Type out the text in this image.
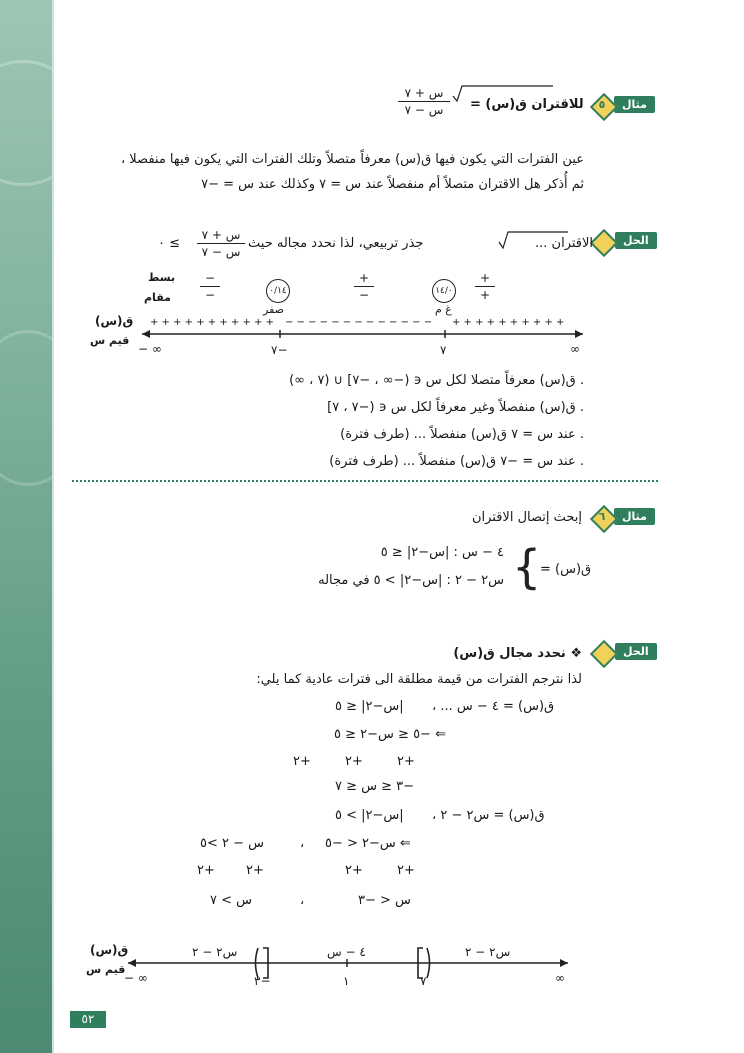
مثال
٥
للاقتران ق(س) =
س + ٧
س − ٧
عين الفترات التي يكون فيها ق(س) معرفاً متصلاً وتلك الفترات التي يكون فيها منفصلا ،
ثم أُذكر هل الاقتران متصلاً أم منفصلاً عند س = ٧ وكذلك عند س = −٧
الحل
الاقتران ...
جذر تربيعي، لذا نحدد مجاله حيث
س + ٧
س − ٧
≥ ٠
بسط
مقام
−
−	٠/١٤
صفر
+
−	١٤/٠
غ م
+
+
ق(س)
قيم س
+ + + + + + + + + + + − − − − − − − − − − − − − + + + + + + + + + +
∞ −	−٧	٧	∞
. ق(س) معرفاً متصلا لكل س ϶ (−∞ ، −٧] ∪ (٧ ، ∞)
. ق(س) منفصلاً وغير معرفاً لكل س ϶ (−٧ ، ٧]
. عند س = ٧ ق(س) منفصلاً ... (طرف فترة)
. عند س = −٧ ق(س) منفصلاً ... (طرف فترة)
مثال
٦
إبحث إتصال الاقتران
ق(س) =
{
٤ − س : |س−٢| ≤ ٥
س٢ − ٢ : |س−٢| > ٥ في مجاله
الحل
❖ نحدد مجال ق(س)
لذا نترجم الفترات من قيمة مطلقة الى فترات عادية كما يلي:
ق(س) = ٤ − س ... ،
|س−٢| ≤ ٥
⇐ −٥ ≤ س−٢ ≤ ٥
+٢
+٢
+٢
−٣ ≤ س ≤ ٧
ق(س) = س٢ − ٢ ،
|س−٢| > ٥
⇐ س−٢ < −٥
،
س − ٢ >٥
+٢
+٢
+٢
+٢
س < −٣
،
س > ٧
ق(س)
قيم س
س٢ − ٢	٤ − س	س٢ − ٢
∞ −	∞
−٣	١	٧
٥٢
